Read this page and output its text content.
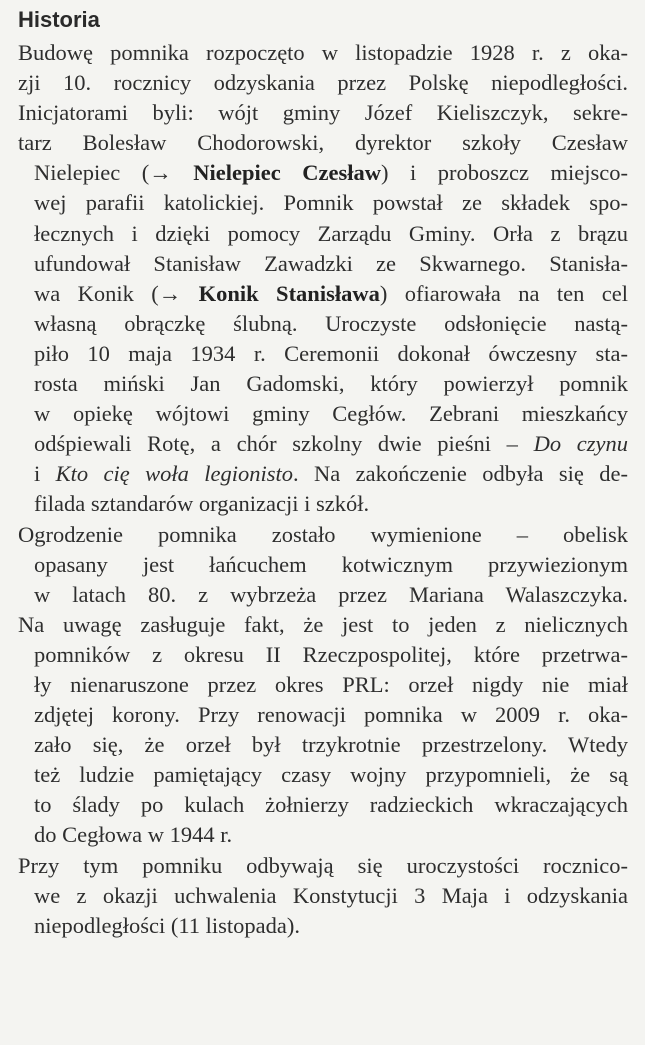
Historia
Budowę pomnika rozpoczęto w listopadzie 1928 r. z oka-
zji 10. rocznicy odzyskania przez Polskę niepodległości.
Inicjatorami byli: wójt gminy Józef Kieliszczyk, sekre-
tarz Bolesław Chodorowski, dyrektor szkoły Czesław
Nielepiec (→ Nielepiec Czesław) i proboszcz miejsco-
wej parafii katolickiej. Pomnik powstał ze składek spo-
łecznych i dzięki pomocy Zarządu Gminy. Orła z brązu
ufundował Stanisław Zawadzki ze Skwarnego. Stanisła-
wa Konik (→ Konik Stanisława) ofiarowała na ten cel
własną obrączkę ślubną. Uroczyste odsłonięcie nastą-
piło 10 maja 1934 r. Ceremonii dokonał ówczesny sta-
rosta miński Jan Gadomski, który powierzył pomnik
w opiekę wójtowi gminy Cegłów. Zebrani mieszkańcy
odśpiewali Rotę, a chór szkolny dwie pieśni – Do czynu
i Kto cię woła legionisto. Na zakończenie odbyła się de-
filada sztandarów organizacji i szkół.
Ogrodzenie pomnika zostało wymienione – obelisk
opasany jest łańcuchem kotwicznym przywiezionym
w latach 80. z wybrzeża przez Mariana Walaszczyka.
Na uwagę zasługuje fakt, że jest to jeden z nielicznych
pomników z okresu II Rzeczpospolitej, które przetrwa-
ły nienaruszone przez okres PRL: orzeł nigdy nie miał
zdjętej korony. Przy renowacji pomnika w 2009 r. oka-
zało się, że orzeł był trzykrotnie przestrzelony. Wtedy
też ludzie pamiętający czasy wojny przypomnieli, że są
to ślady po kulach żołnierzy radzieckich wkraczających
do Cegłowa w 1944 r.
Przy tym pomniku odbywają się uroczystości rocznico-
we z okazji uchwalenia Konstytucji 3 Maja i odzyskania
niepodległości (11 listopada).
